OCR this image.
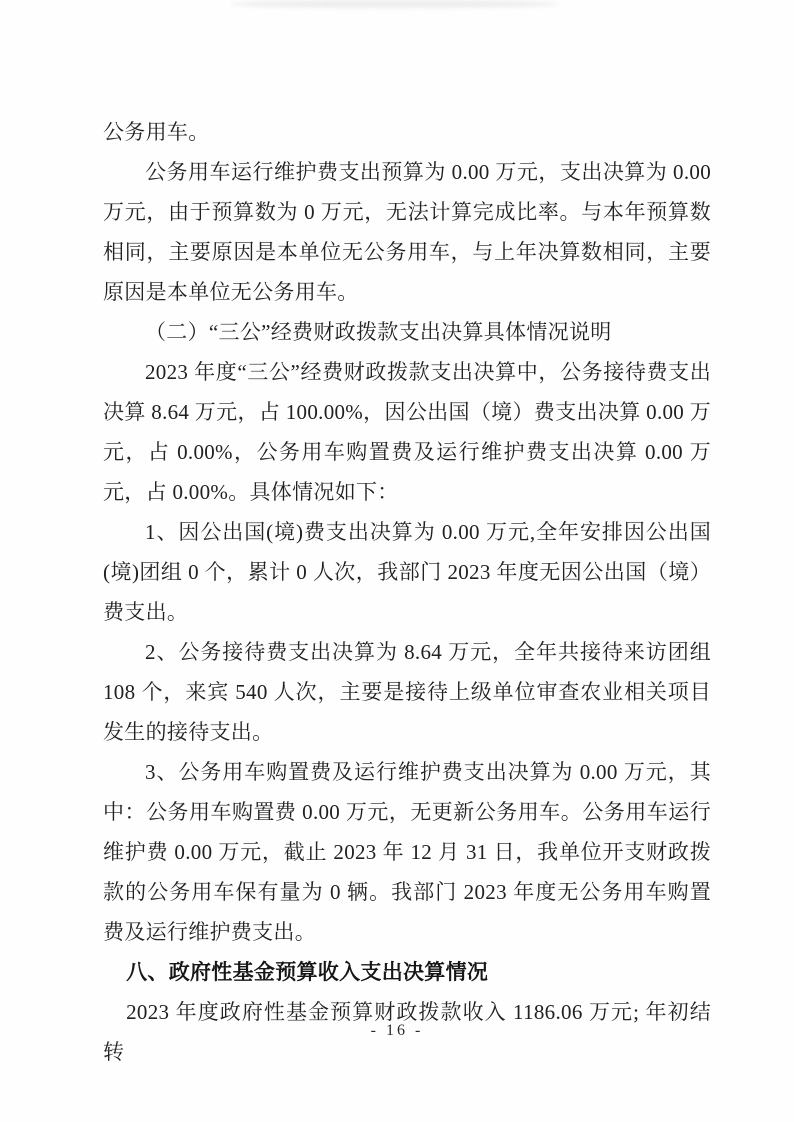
公务用车。

公务用车运行维护费支出预算为 0.00 万元，支出决算为 0.00 万元，由于预算数为 0 万元，无法计算完成比率。与本年预算数相同，主要原因是本单位无公务用车，与上年决算数相同，主要原因是本单位无公务用车。

（二）“三公”经费财政拨款支出决算具体情况说明

2023 年度“三公”经费财政拨款支出决算中，公务接待费支出决算 8.64 万元，占 100.00%，因公出国（境）费支出决算 0.00 万元，占 0.00%，公务用车购置费及运行维护费支出决算 0.00 万元，占 0.00%。具体情况如下：

1、因公出国(境)费支出决算为 0.00 万元,全年安排因公出国(境)团组 0 个，累计 0 人次，我部门 2023 年度无因公出国（境）费支出。

2、公务接待费支出决算为 8.64 万元，全年共接待来访团组 108 个，来宾 540 人次，主要是接待上级单位审查农业相关项目发生的接待支出。

3、公务用车购置费及运行维护费支出决算为 0.00 万元，其中：公务用车购置费 0.00 万元，无更新公务用车。公务用车运行维护费 0.00 万元，截止 2023 年 12 月 31 日，我单位开支财政拨款的公务用车保有量为 0 辆。我部门 2023 年度无公务用车购置费及运行维护费支出。

八、政府性基金预算收入支出决算情况

2023 年度政府性基金预算财政拨款收入 1186.06 万元; 年初结转

- 16 -
